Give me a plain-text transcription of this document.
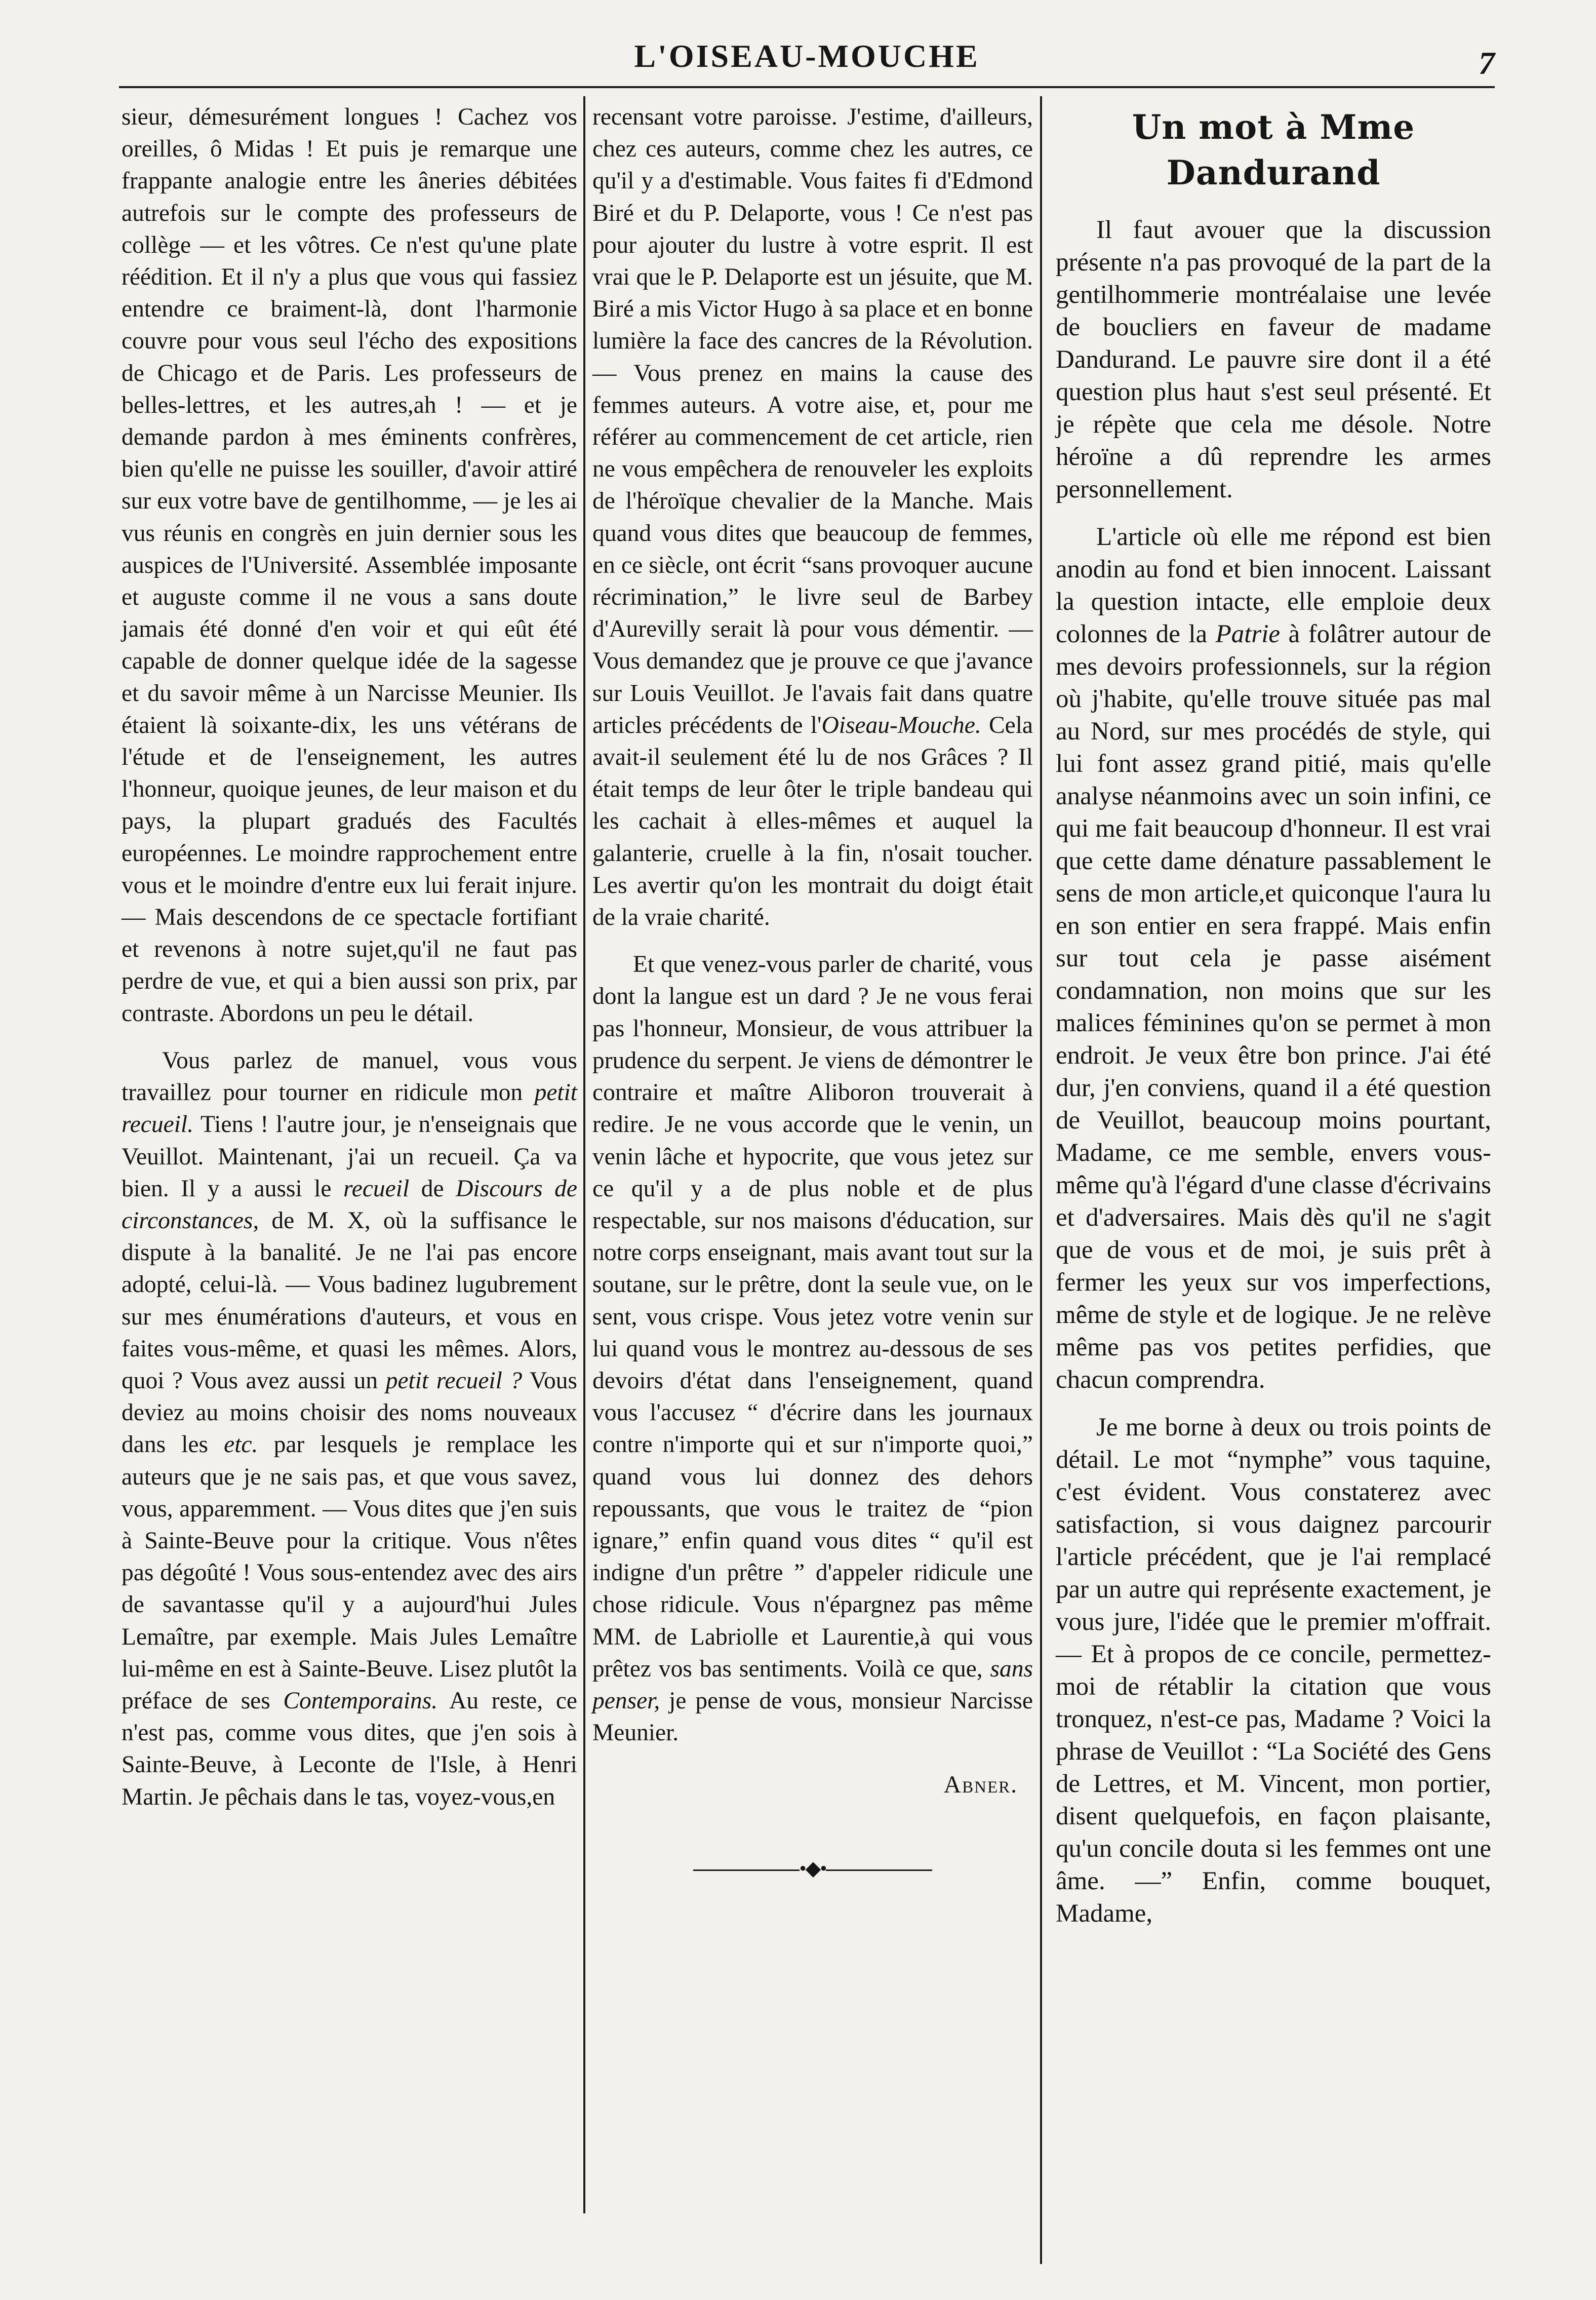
L'OISEAU-MOUCHE	7

sieur, démesurément longues ! Cachez vos oreilles, ô Midas ! Et puis je remarque une frappante analogie entre les âneries débitées autrefois sur le compte des professeurs de collège — et les vôtres. Ce n'est qu'une plate réédition. Et il n'y a plus que vous qui fassiez entendre ce braiment-là, dont l'harmonie couvre pour vous seul l'écho des expositions de Chicago et de Paris. Les professeurs de belles-lettres, et les autres,ah ! — et je demande pardon à mes éminents confrères, bien qu'elle ne puisse les souiller, d'avoir attiré sur eux votre bave de gentilhomme, — je les ai vus réunis en congrès en juin dernier sous les auspices de l'Université. Assemblée imposante et auguste comme il ne vous a sans doute jamais été donné d'en voir et qui eût été capable de donner quelque idée de la sagesse et du savoir même à un Narcisse Meunier. Ils étaient là soixante-dix, les uns vétérans de l'étude et de l'enseignement, les autres l'honneur, quoique jeunes, de leur maison et du pays, la plupart gradués des Facultés européennes. Le moindre rapprochement entre vous et le moindre d'entre eux lui ferait injure. — Mais descendons de ce spectacle fortifiant et revenons à notre sujet,qu'il ne faut pas perdre de vue, et qui a bien aussi son prix, par contraste. Abordons un peu le détail.

Vous parlez de manuel, vous vous travaillez pour tourner en ridicule mon petit recueil. Tiens ! l'autre jour, je n'enseignais que Veuillot. Maintenant, j'ai un recueil. Ça va bien. Il y a aussi le recueil de Discours de circonstances, de M. X, où la suffisance le dispute à la banalité. Je ne l'ai pas encore adopté, celui-là. — Vous badinez lugubrement sur mes énumérations d'auteurs, et vous en faites vous-même, et quasi les mêmes. Alors, quoi ? Vous avez aussi un petit recueil ? Vous deviez au moins choisir des noms nouveaux dans les etc. par lesquels je remplace les auteurs que je ne sais pas, et que vous savez, vous, apparemment. — Vous dites que j'en suis à Sainte-Beuve pour la critique. Vous n'êtes pas dégoûté ! Vous sous-entendez avec des airs de savantasse qu'il y a aujourd'hui Jules Lemaître, par exemple. Mais Jules Lemaître lui-même en est à Sainte-Beuve. Lisez plutôt la préface de ses Contemporains. Au reste, ce n'est pas, comme vous dites, que j'en sois à Sainte-Beuve, à Leconte de l'Isle, à Henri Martin. Je pêchais dans le tas, voyez-vous,en

recensant votre paroisse. J'estime, d'ailleurs, chez ces auteurs, comme chez les autres, ce qu'il y a d'estimable. Vous faites fi d'Edmond Biré et du P. Delaporte, vous ! Ce n'est pas pour ajouter du lustre à votre esprit. Il est vrai que le P. Delaporte est un jésuite, que M. Biré a mis Victor Hugo à sa place et en bonne lumière la face des cancres de la Révolution. — Vous prenez en mains la cause des femmes auteurs. A votre aise, et, pour me référer au commencement de cet article, rien ne vous empêchera de renouveler les exploits de l'héroïque chevalier de la Manche. Mais quand vous dites que beaucoup de femmes, en ce siècle, ont écrit “sans provoquer aucune récrimination,” le livre seul de Barbey d'Aurevilly serait là pour vous démentir. — Vous demandez que je prouve ce que j'avance sur Louis Veuillot. Je l'avais fait dans quatre articles précédents de l'Oiseau-Mouche. Cela avait-il seulement été lu de nos Grâces ? Il était temps de leur ôter le triple bandeau qui les cachait à elles-mêmes et auquel la galanterie, cruelle à la fin, n'osait toucher. Les avertir qu'on les montrait du doigt était de la vraie charité.

Et que venez-vous parler de charité, vous dont la langue est un dard ? Je ne vous ferai pas l'honneur, Monsieur, de vous attribuer la prudence du serpent. Je viens de démontrer le contraire et maître Aliboron trouverait à redire. Je ne vous accorde que le venin, un venin lâche et hypocrite, que vous jetez sur ce qu'il y a de plus noble et de plus respectable, sur nos maisons d'éducation, sur notre corps enseignant, mais avant tout sur la soutane, sur le prêtre, dont la seule vue, on le sent, vous crispe. Vous jetez votre venin sur lui quand vous le montrez au-dessous de ses devoirs d'état dans l'enseignement, quand vous l'accusez “ d'écrire dans les journaux contre n'importe qui et sur n'importe quoi,” quand vous lui donnez des dehors repoussants, que vous le traitez de “pion ignare,” enfin quand vous dites “ qu'il est indigne d'un prêtre ” d'appeler ridicule une chose ridicule. Vous n'épargnez pas même MM. de Labriolle et Laurentie,à qui vous prêtez vos bas sentiments. Voilà ce que, sans penser, je pense de vous, monsieur Narcisse Meunier.

Abner.
•◆•
Un mot à Mme Dandurand

Il faut avouer que la discussion présente n'a pas provoqué de la part de la gentilhommerie montréalaise une levée de boucliers en faveur de madame Dandurand. Le pauvre sire dont il a été question plus haut s'est seul présenté. Et je répète que cela me désole. Notre héroïne a dû reprendre les armes personnellement.

L'article où elle me répond est bien anodin au fond et bien innocent. Laissant la question intacte, elle emploie deux colonnes de la Patrie à folâtrer autour de mes devoirs professionnels, sur la région où j'habite, qu'elle trouve située pas mal au Nord, sur mes procédés de style, qui lui font assez grand pitié, mais qu'elle analyse néanmoins avec un soin infini, ce qui me fait beaucoup d'honneur. Il est vrai que cette dame dénature passablement le sens de mon article,et quiconque l'aura lu en son entier en sera frappé. Mais enfin sur tout cela je passe aisément condamnation, non moins que sur les malices féminines qu'on se permet à mon endroit. Je veux être bon prince. J'ai été dur, j'en conviens, quand il a été question de Veuillot, beaucoup moins pourtant, Madame, ce me semble, envers vous-même qu'à l'égard d'une classe d'écrivains et d'adversaires. Mais dès qu'il ne s'agit que de vous et de moi, je suis prêt à fermer les yeux sur vos imperfections, même de style et de logique. Je ne relève même pas vos petites perfidies, que chacun comprendra.

Je me borne à deux ou trois points de détail. Le mot “nymphe” vous taquine, c'est évident. Vous constaterez avec satisfaction, si vous daignez parcourir l'article précédent, que je l'ai remplacé par un autre qui représente exactement, je vous jure, l'idée que le premier m'offrait. — Et à propos de ce concile, permettez-moi de rétablir la citation que vous tronquez, n'est-ce pas, Madame ? Voici la phrase de Veuillot : “La Société des Gens de Lettres, et M. Vincent, mon portier, disent quelquefois, en façon plaisante, qu'un concile douta si les femmes ont une âme. —” Enfin, comme bouquet, Madame,
